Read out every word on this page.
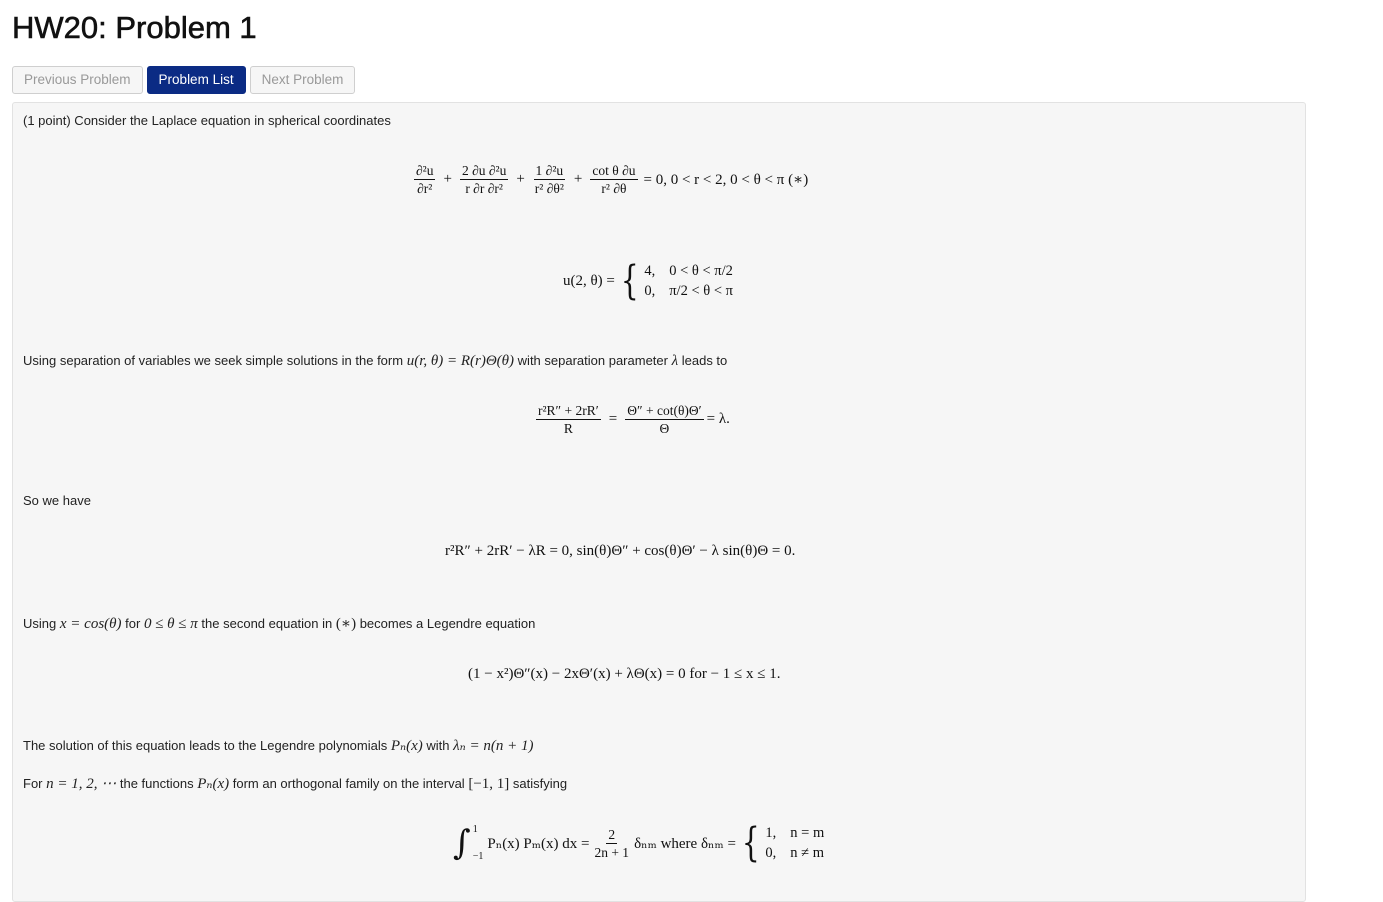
HW20: Problem 1
Previous Problem	Problem List	Next Problem
(1 point) Consider the Laplace equation in spherical coordinates
$\frac{\text{∂²u}}{\text{∂r²}} + \frac{\text{2 ∂u ∂²u}}{\text{r ∂r ∂r²}} + \frac{\text{1 ∂²u}}{\text{r² ∂θ²}} + \frac{\text{cot θ ∂u}}{\text{r² ∂θ}} = 0$, 0 < r < 2, 0 < θ < π (∗)
u(2, θ) = { 4, 0 < θ < π/2
0, π/2 < θ < π
Using separation of variables we seek simple solutions in the form u(r, θ) = R(r)Θ(θ) with separation parameter λ leads to
$\frac{\text{r²R″ + 2rR′}}{R} = \frac{\Theta'' + \cot(\theta)\Theta'}{\Theta} = \lambda$.
So we have
r²R″ + 2rR′ − λR = 0, sin(θ)Θ″ + cos(θ)Θ′ − λ sin(θ)Θ = 0.
Using x = cos(θ) for 0 ≤ θ ≤ π the second equation in (∗) becomes a Legendre equation
(1 − x²)Θ″(x) − 2xΘ′(x) + λΘ(x) = 0 for − 1 ≤ x ≤ 1.
The solution of this equation leads to the Legendre polynomials Pₙ(x) with λₙ = n(n + 1)
For n = 1, 2, ⋯ the functions Pₙ(x) form an orthogonal family on the interval [−1, 1] satisfying
∫ 1
−1
Pₙ(x) Pₘ(x) dx = $\frac{2}{2n + 1}$ δₙₘ where δₙₘ = { 1, n = m
0, n ≠ m
